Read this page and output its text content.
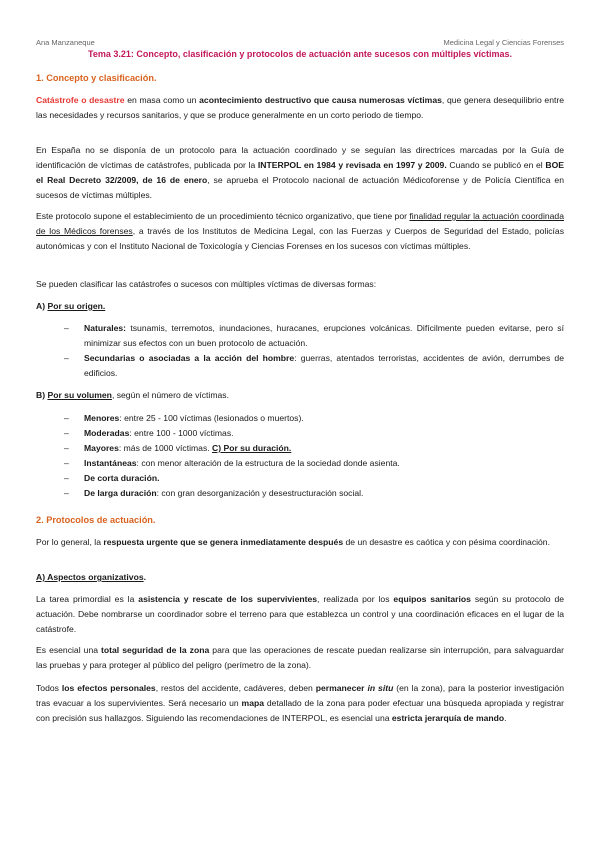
Ana Manzaneque	Medicina Legal y Ciencias Forenses
Tema 3.21: Concepto, clasificación y protocolos de actuación ante sucesos con múltiples víctimas.
1. Concepto y clasificación.

Catástrofe o desastre en masa como un acontecimiento destructivo que causa numerosas víctimas, que genera desequilibrio entre las necesidades y recursos sanitarios, y que se produce generalmente en un corto periodo de tiempo.

En España no se disponía de un protocolo para la actuación coordinado y se seguían las directrices marcadas por la Guía de identificación de víctimas de catástrofes, publicada por la INTERPOL en 1984 y revisada en 1997 y 2009. Cuando se publicó en el BOE el Real Decreto 32/2009, de 16 de enero, se aprueba el Protocolo nacional de actuación Médicoforense y de Policía Científica en sucesos de víctimas múltiples.

Este protocolo supone el establecimiento de un procedimiento técnico organizativo, que tiene por finalidad regular la actuación coordinada de los Médicos forenses, a través de los Institutos de Medicina Legal, con las Fuerzas y Cuerpos de Seguridad del Estado, policías autonómicas y con el Instituto Nacional de Toxicología y Ciencias Forenses en los sucesos con víctimas múltiples.

Se pueden clasificar las catástrofes o sucesos con múltiples víctimas de diversas formas:

A) Por su origen.
– Naturales: tsunamis, terremotos, inundaciones, huracanes, erupciones volcánicas. Difícilmente pueden evitarse, pero sí minimizar sus efectos con un buen protocolo de actuación.
– Secundarias o asociadas a la acción del hombre: guerras, atentados terroristas, accidentes de avión, derrumbes de edificios.
B) Por su volumen, según el número de víctimas.
– Menores: entre 25 - 100 víctimas (lesionados o muertos).
– Moderadas: entre 100 - 1000 víctimas.
– Mayores: más de 1000 víctimas. C) Por su duración.
– Instantáneas: con menor alteración de la estructura de la sociedad donde asienta.
– De corta duración.
– De larga duración: con gran desorganización y desestructuración social.
2. Protocolos de actuación.

Por lo general, la respuesta urgente que se genera inmediatamente después de un desastre es caótica y con pésima coordinación.

A) Aspectos organizativos.

La tarea primordial es la asistencia y rescate de los supervivientes, realizada por los equipos sanitarios según su protocolo de actuación. Debe nombrarse un coordinador sobre el terreno para que establezca un control y una coordinación eficaces en el lugar de la catástrofe.

Es esencial una total seguridad de la zona para que las operaciones de rescate puedan realizarse sin interrupción, para salvaguardar las pruebas y para proteger al público del peligro (perímetro de la zona).

Todos los efectos personales, restos del accidente, cadáveres, deben permanecer in situ (en la zona), para la posterior investigación tras evacuar a los supervivientes. Será necesario un mapa detallado de la zona para poder efectuar una búsqueda apropiada y registrar con precisión sus hallazgos. Siguiendo las recomendaciones de INTERPOL, es esencial una estricta jerarquía de mando.
